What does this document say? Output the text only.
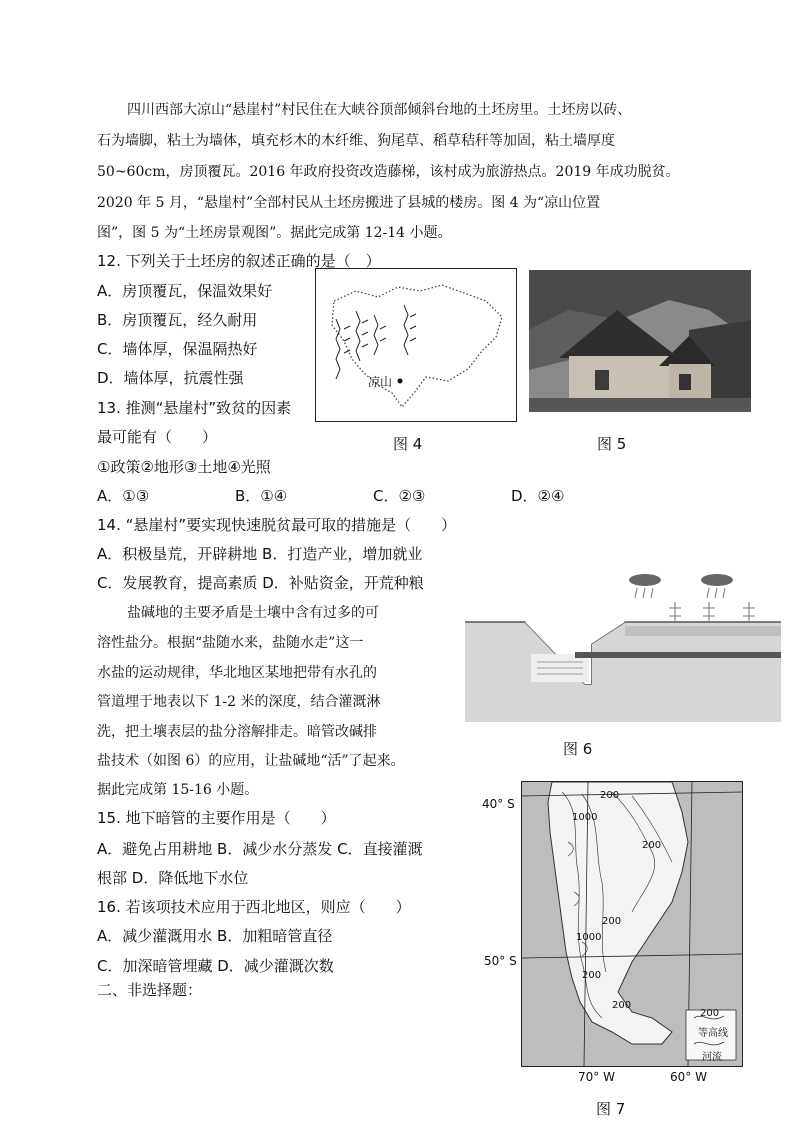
四川西部大凉山“悬崖村”村民住在大峡谷顶部倾斜台地的土坯房里。土坯房以砖、
石为墙脚，粘土为墙体，填充杉木的木纤维、狗尾草、稻草秸秆等加固，粘土墙厚度
50~60cm，房顶覆瓦。2016 年政府投资改造藤梯，该村成为旅游热点。2019 年成功脱贫。
2020 年 5 月，“悬崖村”全部村民从土坯房搬进了县城的楼房。图 4 为“凉山位置
图”，图 5 为“土坯房景观图”。据此完成第 12-14 小题。
12. 下列关于土坯房的叙述正确的是（　）
A．房顶覆瓦，保温效果好
B．房顶覆瓦，经久耐用
C．墙体厚，保温隔热好
D．墙体厚，抗震性强
13. 推测“悬崖村”致贫的因素
最可能有（　　）
①政策②地形③土地④光照
A．①③	B．①④	C．②③	D．②④
14. “悬崖村”要实现快速脱贫最可取的措施是（　　）
A．积极垦荒，开辟耕地 B．打造产业，增加就业
C．发展教育，提高素质 D．补贴资金，开荒种粮
盐碱地的主要矛盾是土壤中含有过多的可
溶性盐分。根据“盐随水来，盐随水走”这一
水盐的运动规律，华北地区某地把带有水孔的
管道埋于地表以下 1-2 米的深度，结合灌溉淋
洗，把土壤表层的盐分溶解排走。暗管改碱排
盐技术（如图 6）的应用，让盐碱地“活”了起来。
据此完成第 15-16 小题。
15. 地下暗管的主要作用是（　　）
A．避免占用耕地 B．减少水分蒸发 C．直接灌溉
根部 D．降低地下水位
16. 若该项技术应用于西北地区，则应（　　）
A．减少灌溉用水 B．加粗暗管直径
C．加深暗管埋藏 D．减少灌溉次数
二、非选择题：
凉山
图 4	图 5
图 6
200
1000
200
200
1000
200
200
200
等高线
河流
40° S
50° S
70° W	60° W
图 7
